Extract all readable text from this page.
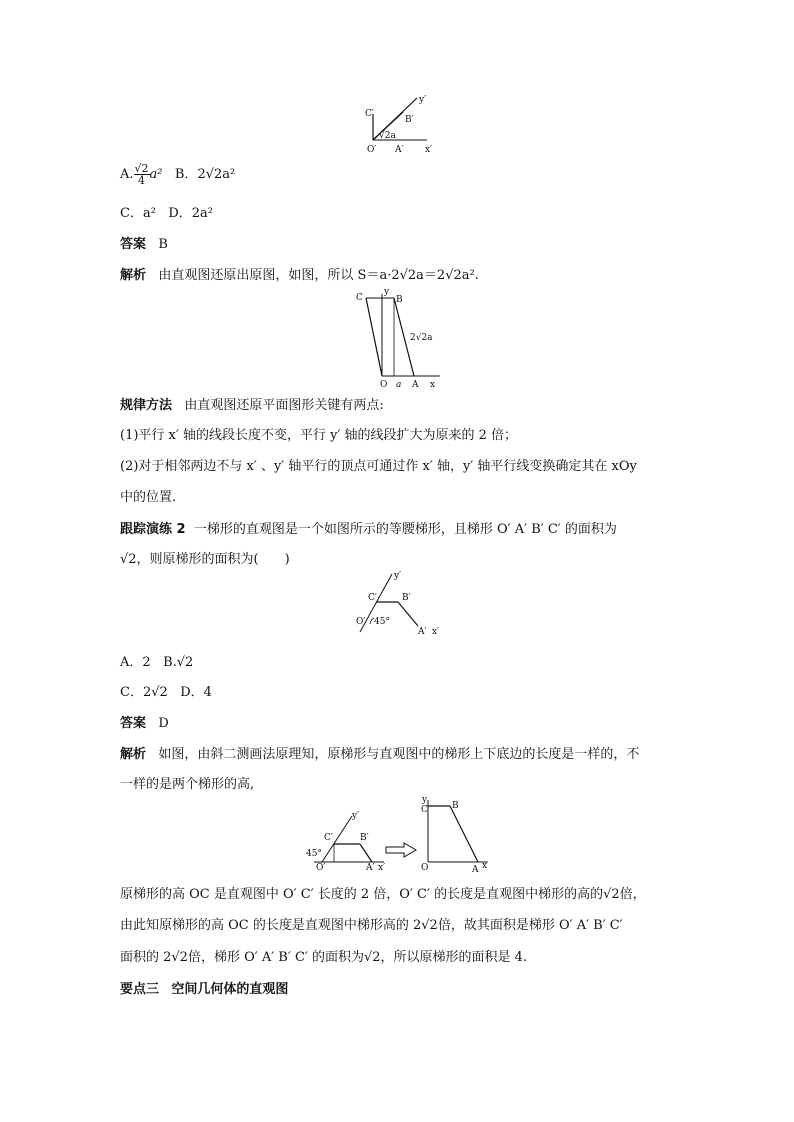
C′
y′
B′
√2a
O′ A′ x′
A. $\frac{√2}{4} a^2$ B．2√2a²
C．a² D．2a²
答案 B
解析 由直观图还原出原图，如图，所以 S＝a·2√2a＝2√2a².
C
y
B
2√2a
O a A x
规律方法 由直观图还原平面图形关键有两点:
(1)平行 x′ 轴的线段长度不变，平行 y′ 轴的线段扩大为原来的 2 倍；
(2)对于相邻两边不与 x′ 、y′ 轴平行的顶点可通过作 x′ 轴，y′ 轴平行线变换确定其在 xOy
中的位置.
跟踪演练 2 一梯形的直观图是一个如图所示的等腰梯形，且梯形 O′ A′ B′ C′ 的面积为
√2，则原梯形的面积为(　　)
y′
C′	B′
O′ 45°
A′ x′
A．2 B.√2
C．2√2 D．4
答案 D
解析 如图，由斜二测画法原理知，原梯形与直观图中的梯形上下底边的长度是一样的，不
一样的是两个梯形的高,
y′
C′	B′
45°
O′	A′ x′
y
C	B
O	A x
原梯形的高 OC 是直观图中 O′ C′ 长度的 2 倍，O′ C′ 的长度是直观图中梯形的高的√2倍，
由此知原梯形的高 OC 的长度是直观图中梯形高的 2√2倍，故其面积是梯形 O′ A′ B′ C′
面积的 2√2倍，梯形 O′ A′ B′ C′ 的面积为√2，所以原梯形的面积是 4.
要点三 空间几何体的直观图
